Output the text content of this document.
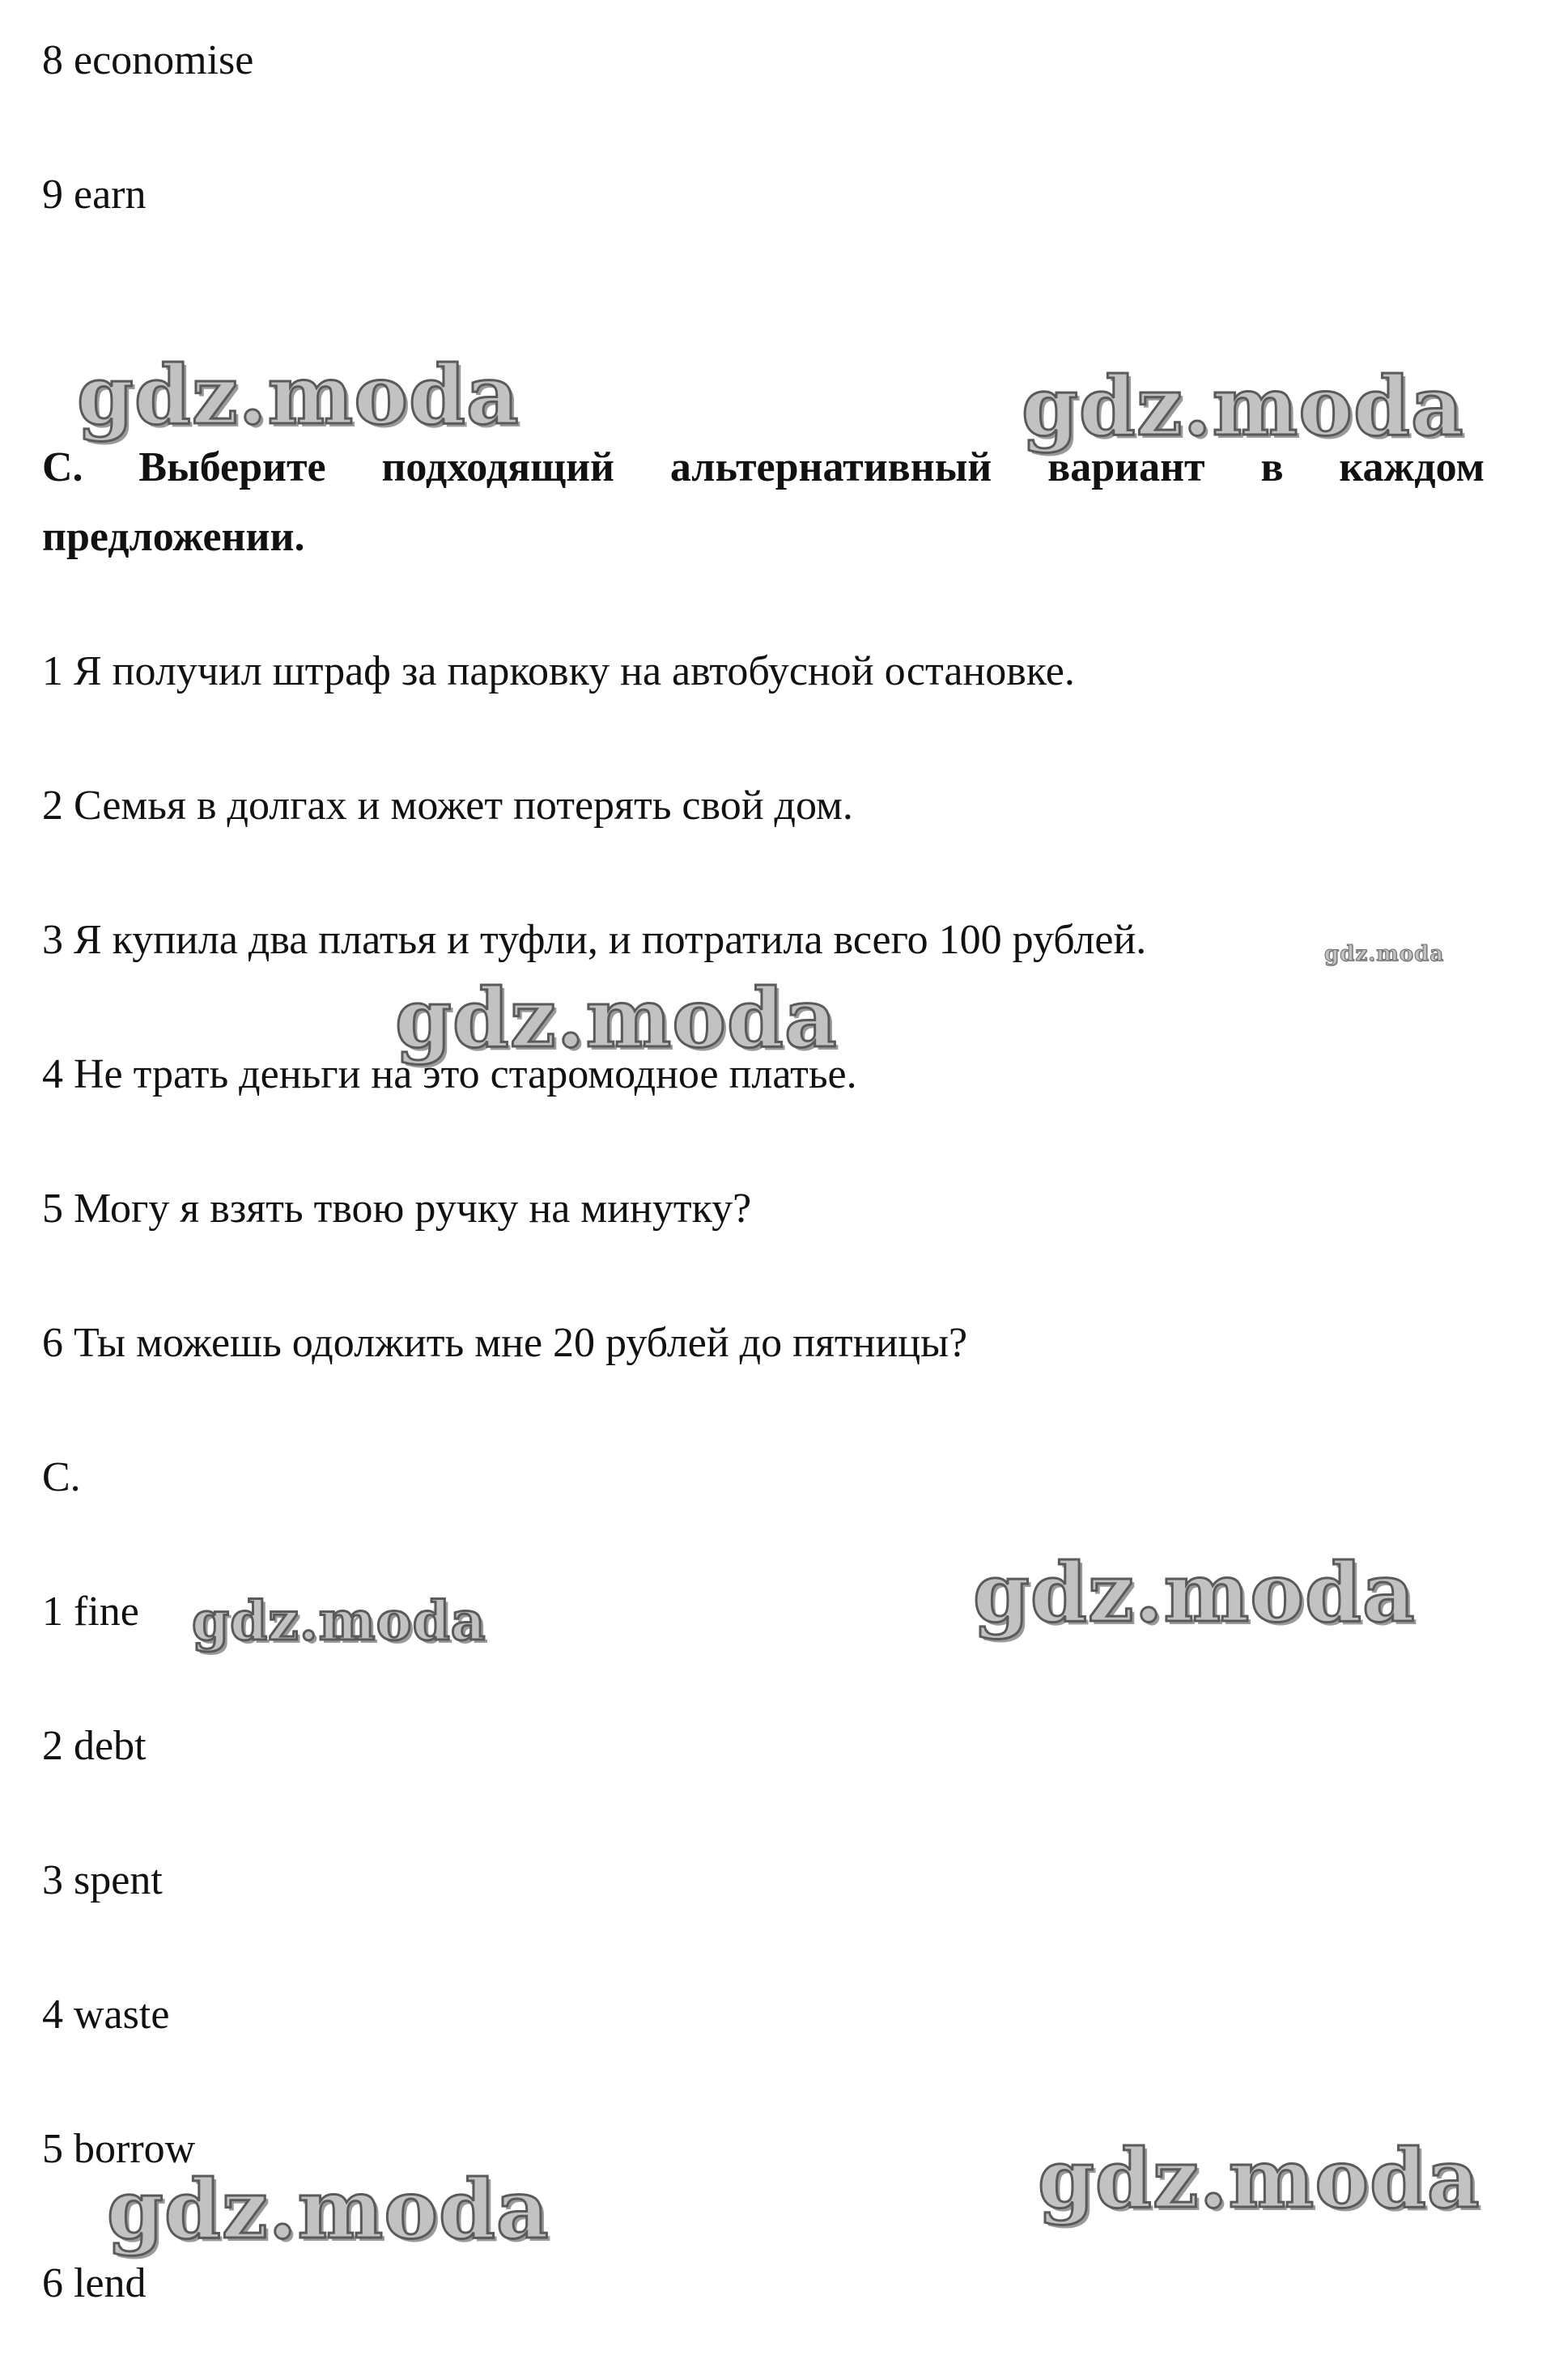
8 economise
9 earn
С. Выберите подходящий альтернативный вариант в каждом предложении.
1 Я получил штраф за парковку на автобусной остановке.
2 Семья в долгах и может потерять свой дом.
3 Я купила два платья и туфли, и потратила всего 100 рублей.
4 Не трать деньги на это старомодное платье.
5 Могу я взять твою ручку на минутку?
6 Ты можешь одолжить мне 20 рублей до пятницы?
C.
1 fine
2 debt
3 spent
4 waste
5 borrow
6 lend
gdz.moda	gdz.moda
gdz.moda
gdz.moda
gdz.moda	gdz.moda
gdz.moda
gdz.moda
